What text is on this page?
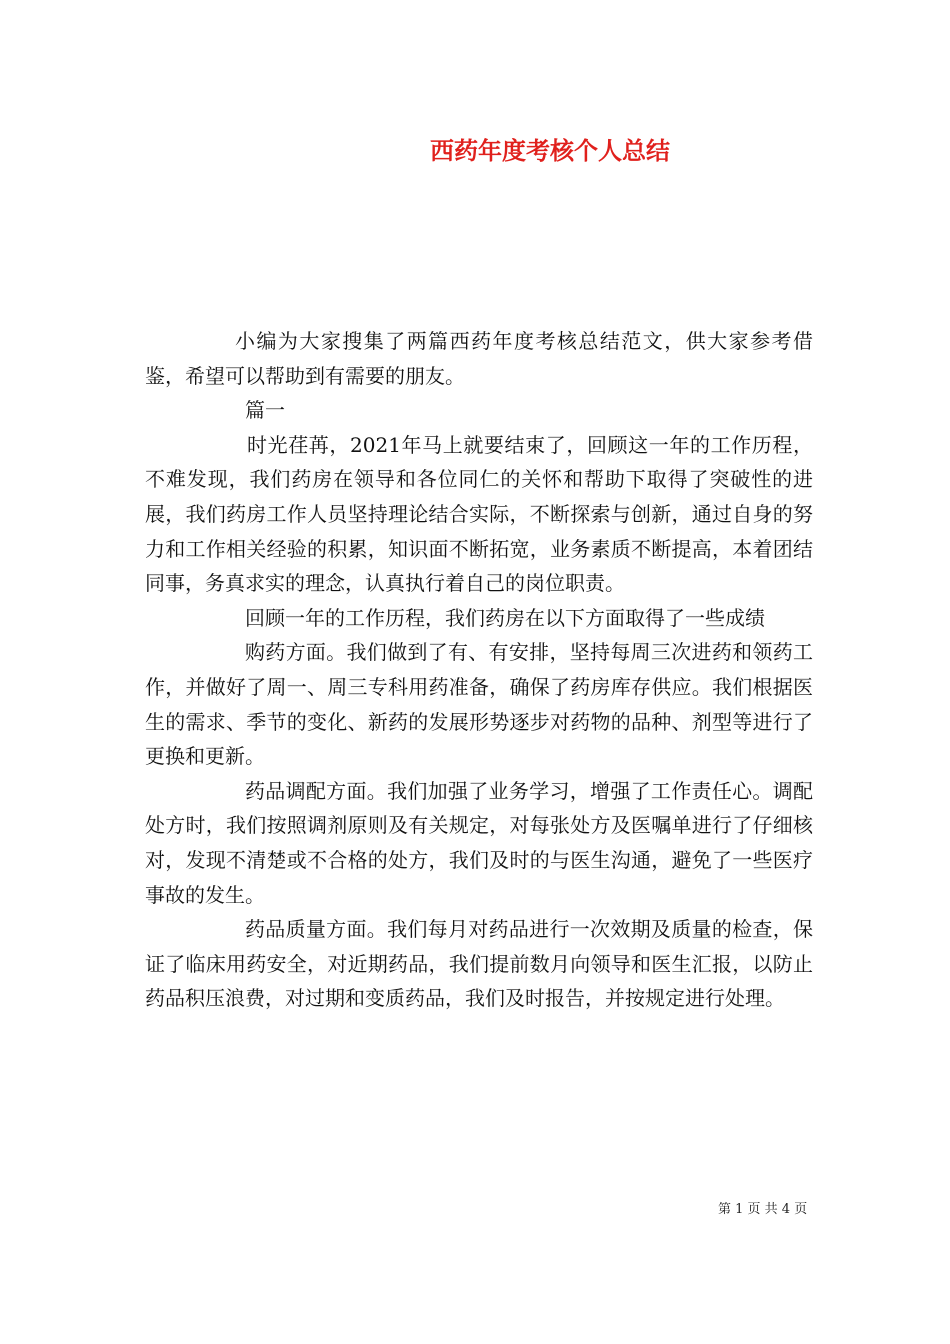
西药年度考核个人总结

小编为大家搜集了两篇西药年度考核总结范文，供大家参考借鉴，希望可以帮助到有需要的朋友。

篇一

时光荏苒，2021年马上就要结束了，回顾这一年的工作历程，不难发现，我们药房在领导和各位同仁的关怀和帮助下取得了突破性的进展，我们药房工作人员坚持理论结合实际，不断探索与创新，通过自身的努力和工作相关经验的积累，知识面不断拓宽，业务素质不断提高，本着团结同事，务真求实的理念，认真执行着自己的岗位职责。

回顾一年的工作历程，我们药房在以下方面取得了一些成绩

购药方面。我们做到了有、有安排，坚持每周三次进药和领药工作，并做好了周一、周三专科用药准备，确保了药房库存供应。我们根据医生的需求、季节的变化、新药的发展形势逐步对药物的品种、剂型等进行了更换和更新。

药品调配方面。我们加强了业务学习，增强了工作责任心。调配处方时，我们按照调剂原则及有关规定，对每张处方及医嘱单进行了仔细核对，发现不清楚或不合格的处方，我们及时的与医生沟通，避免了一些医疗事故的发生。

药品质量方面。我们每月对药品进行一次效期及质量的检查，保证了临床用药安全，对近期药品，我们提前数月向领导和医生汇报，以防止药品积压浪费，对过期和变质药品，我们及时报告，并按规定进行处理。

第 1 页 共 4 页
